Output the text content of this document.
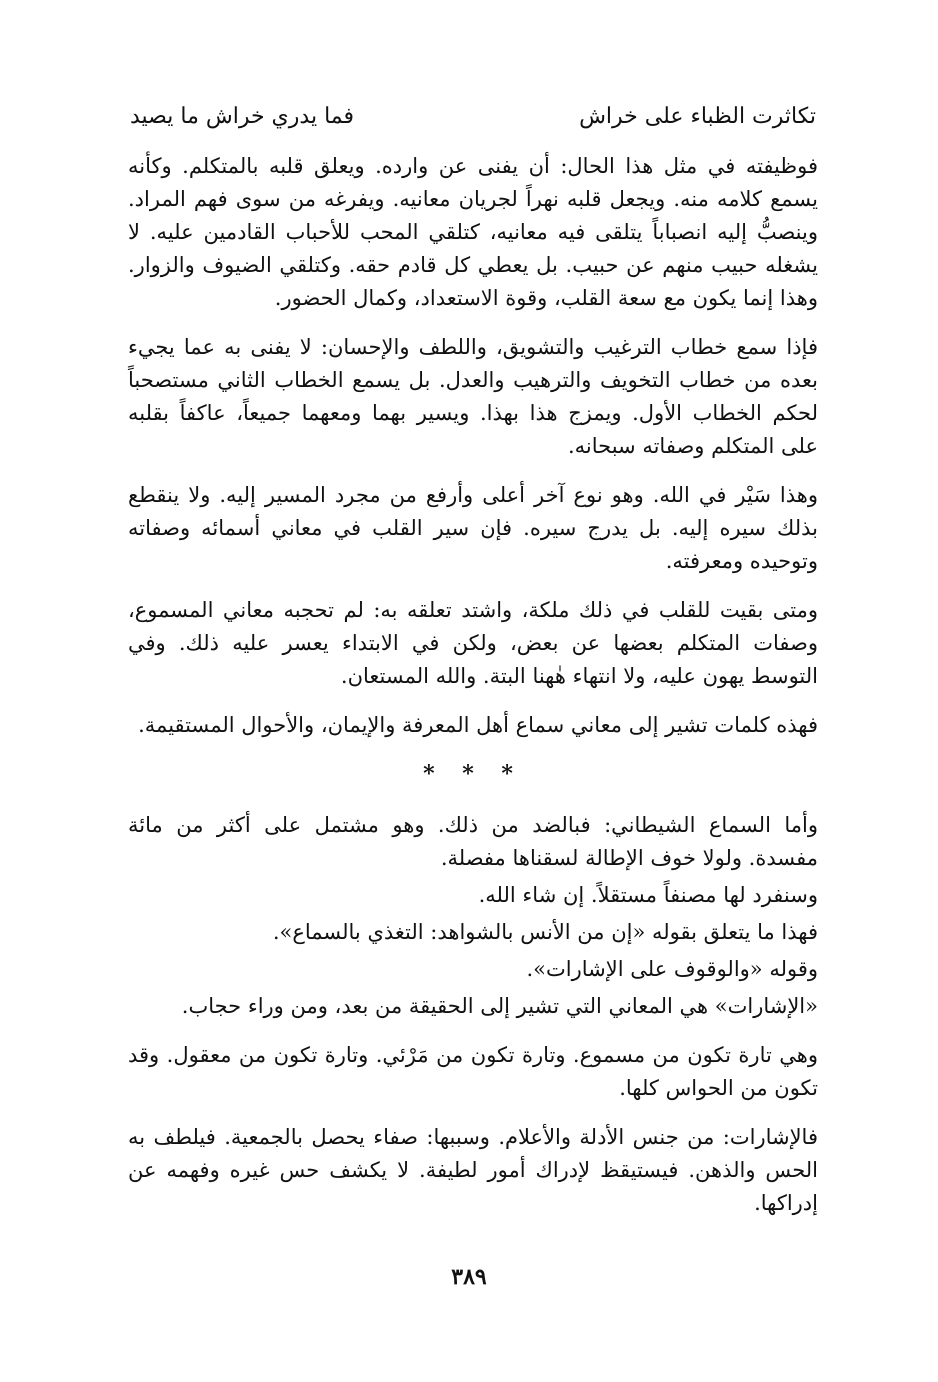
تكاثرت الظباء على خراش
فما يدري خراش ما يصيد

فوظيفته في مثل هذا الحال: أن يفنى عن وارده. ويعلق قلبه بالمتكلم. وكأنه يسمع كلامه منه. ويجعل قلبه نهراً لجريان معانيه. ويفرغه من سوى فهم المراد. وينصبُّ إليه انصباباً يتلقى فيه معانيه، كتلقي المحب للأحباب القادمين عليه. لا يشغله حبيب منهم عن حبيب. بل يعطي كل قادم حقه. وكتلقي الضيوف والزوار. وهذا إنما يكون مع سعة القلب، وقوة الاستعداد، وكمال الحضور.

فإذا سمع خطاب الترغيب والتشويق، واللطف والإحسان: لا يفنى به عما يجيء بعده من خطاب التخويف والترهيب والعدل. بل يسمع الخطاب الثاني مستصحباً لحكم الخطاب الأول. ويمزج هذا بهذا. ويسير بهما ومعهما جميعاً، عاكفاً بقلبه على المتكلم وصفاته سبحانه.

وهذا سَيْر في الله. وهو نوع آخر أعلى وأرفع من مجرد المسير إليه. ولا ينقطع بذلك سيره إليه. بل يدرج سيره. فإن سير القلب في معاني أسمائه وصفاته وتوحيده ومعرفته.

ومتى بقيت للقلب في ذلك ملكة، واشتد تعلقه به: لم تحجبه معاني المسموع، وصفات المتكلم بعضها عن بعض، ولكن في الابتداء يعسر عليه ذلك. وفي التوسط يهون عليه، ولا انتهاء هٰهنا البتة. والله المستعان.

فهذه كلمات تشير إلى معاني سماع أهل المعرفة والإيمان، والأحوال المستقيمة.

* * *

وأما السماع الشيطاني: فبالضد من ذلك. وهو مشتمل على أكثر من مائة مفسدة. ولولا خوف الإطالة لسقناها مفصلة.

وسنفرد لها مصنفاً مستقلاً. إن شاء الله.

فهذا ما يتعلق بقوله «إن من الأنس بالشواهد: التغذي بالسماع».

وقوله «والوقوف على الإشارات».

«الإشارات» هي المعاني التي تشير إلى الحقيقة من بعد، ومن وراء حجاب.

وهي تارة تكون من مسموع. وتارة تكون من مَرْئي. وتارة تكون من معقول. وقد تكون من الحواس كلها.

فالإشارات: من جنس الأدلة والأعلام. وسببها: صفاء يحصل بالجمعية. فيلطف به الحس والذهن. فيستيقظ لإدراك أمور لطيفة. لا يكشف حس غيره وفهمه عن إدراكها.

٣٨٩
